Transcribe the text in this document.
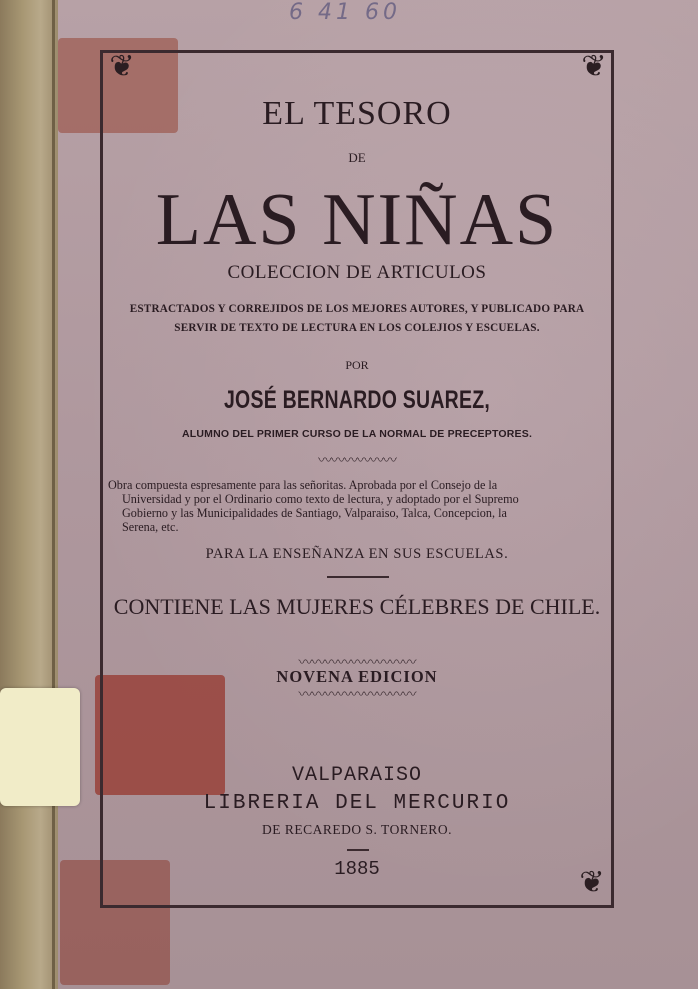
6 41 60
❦	❦
❦
EL TESORO
DE
LAS NIÑAS
COLECCION DE ARTICULOS
ESTRACTADOS Y CORREJIDOS DE LOS MEJORES AUTORES, Y PUBLICADO PARA
SERVIR DE TEXTO DE LECTURA EN LOS COLEJIOS Y ESCUELAS.
POR
JOSÉ BERNARDO SUAREZ,
ALUMNO DEL PRIMER CURSO DE LA NORMAL DE PRECEPTORES.
〰〰〰〰〰〰
Obra compuesta espresamente para las señoritas. Aprobada por el Consejo de la
Universidad y por el Ordinario como texto de lectura, y adoptado por el Supremo
Gobierno y las Municipalidades de Santiago, Valparaiso, Talca, Concepcion, la
Serena, etc.
PARA LA ENSEÑANZA EN SUS ESCUELAS.
CONTIENE LAS MUJERES CÉLEBRES DE CHILE.
〰〰〰〰〰〰〰〰〰
NOVENA EDICION
〰〰〰〰〰〰〰〰〰
VALPARAISO
LIBRERIA DEL MERCURIO
DE RECAREDO S. TORNERO.
1885
